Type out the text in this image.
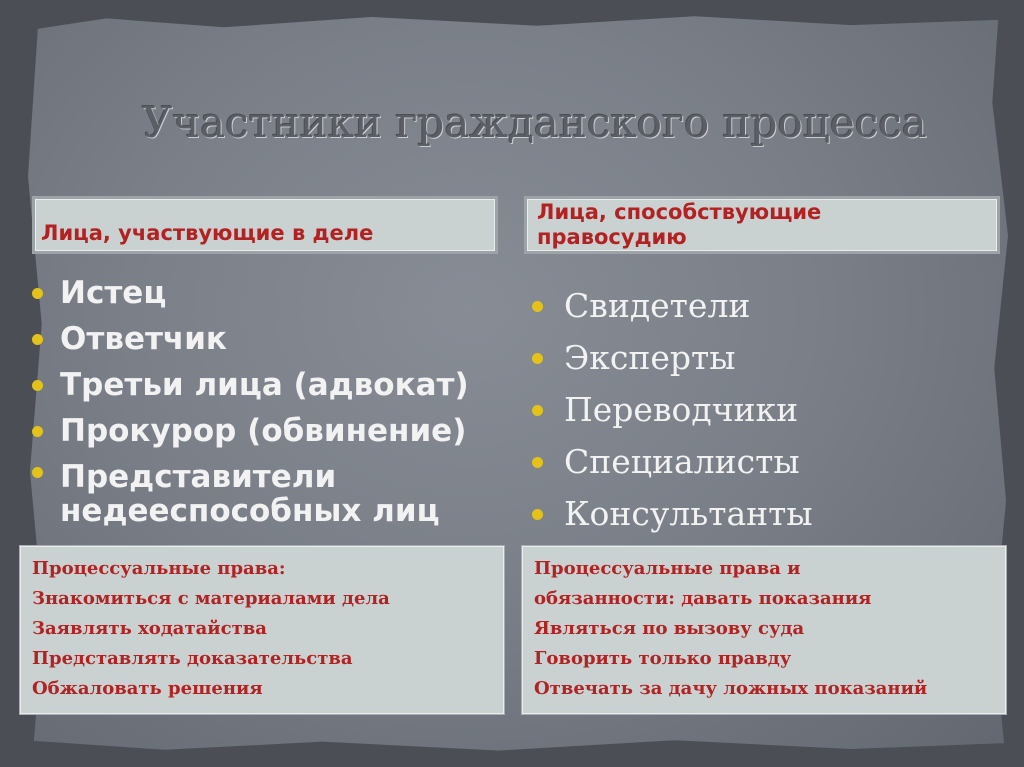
Участники гражданского процесса
Лица, участвующие в деле
Лица, способствующие
правосудию
Истец
Ответчик
Третьи лица (адвокат)
Прокурор (обвинение)
Представители
недееспособных лиц
Свидетели
Эксперты
Переводчики
Специалисты
Консультанты
Процессуальные права:
Знакомиться с материалами дела
Заявлять ходатайства
Представлять доказательства
Обжаловать решения
Процессуальные права и
обязанности: давать показания
Являться по вызову суда
Говорить только правду
Отвечать за дачу ложных показаний
